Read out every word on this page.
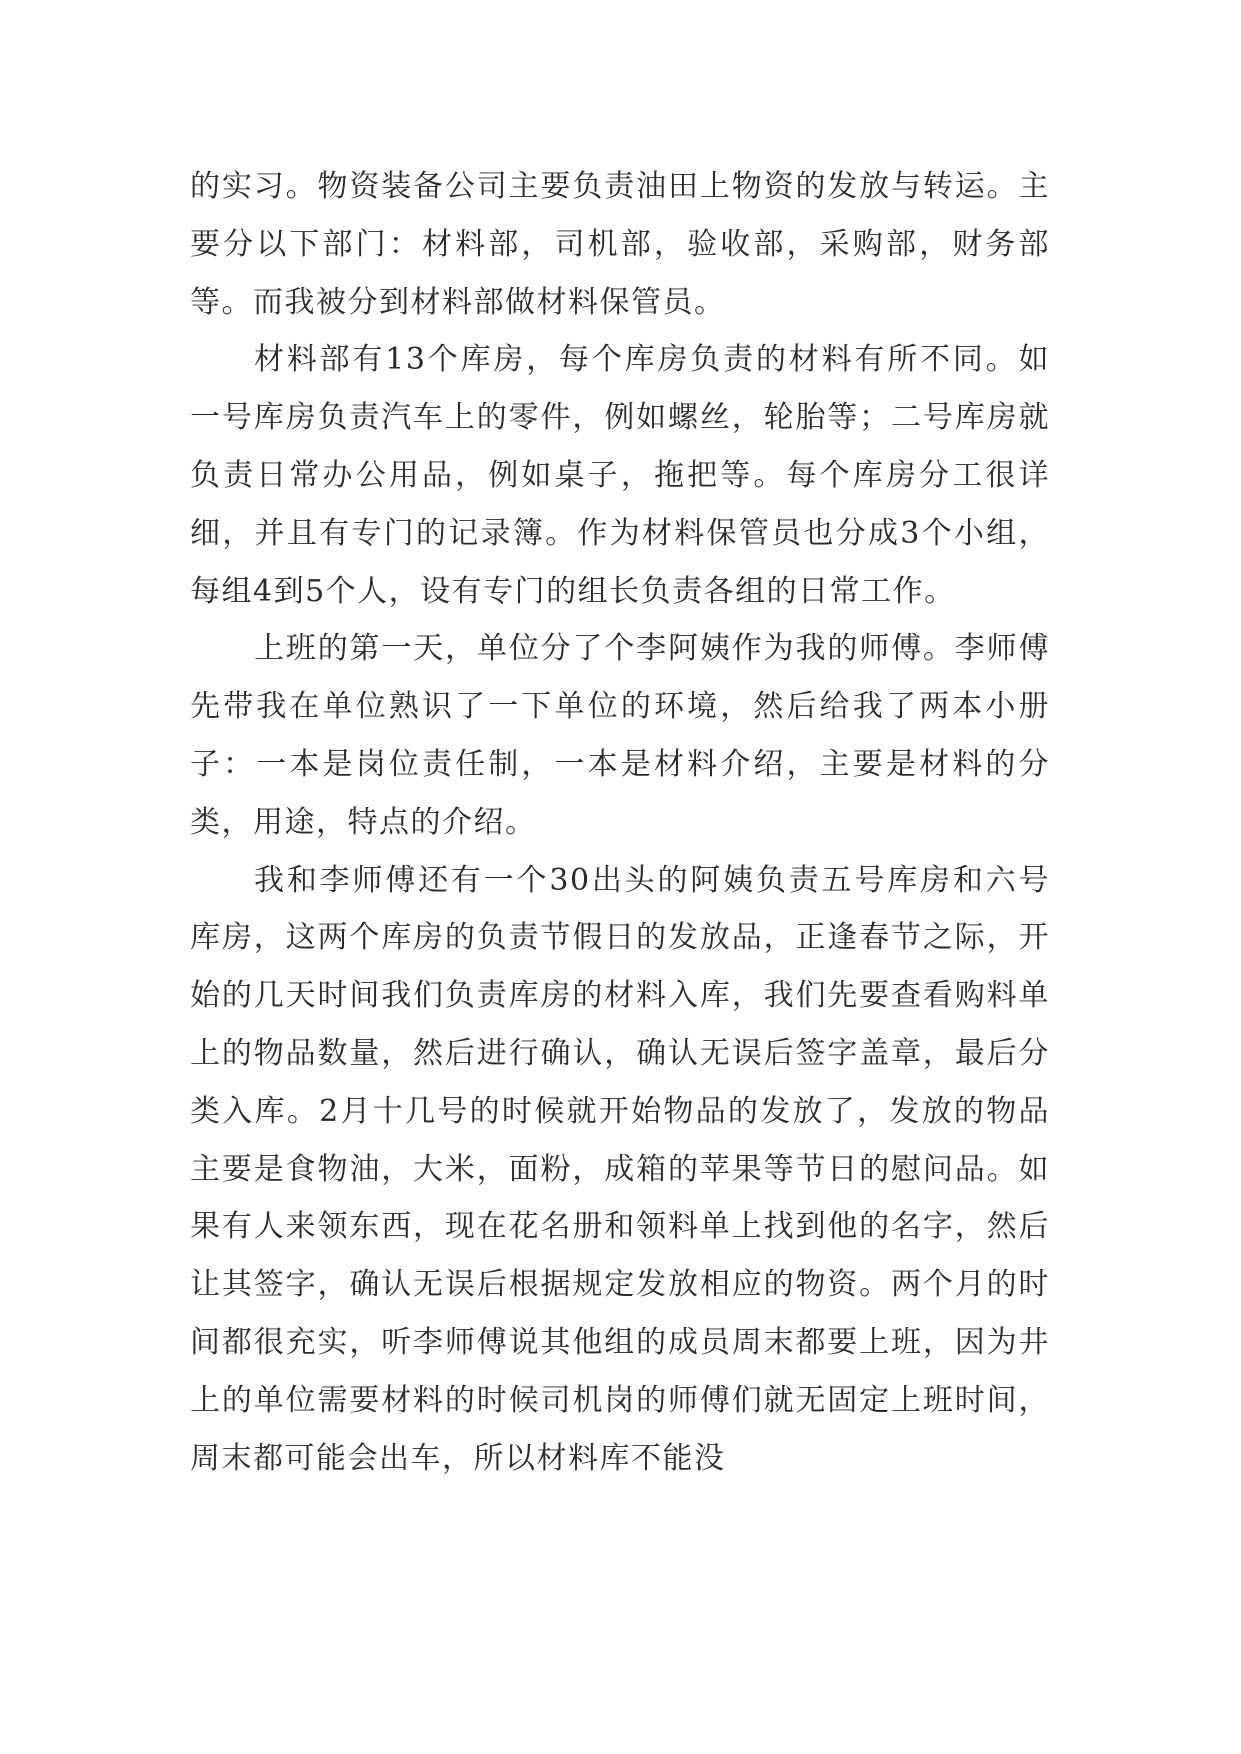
的实习。物资装备公司主要负责油田上物资的发放与转运。主要分以下部门：材料部，司机部，验收部，采购部，财务部等。而我被分到材料部做材料保管员。

材料部有13个库房，每个库房负责的材料有所不同。如一号库房负责汽车上的零件，例如螺丝，轮胎等；二号库房就负责日常办公用品，例如桌子，拖把等。每个库房分工很详细，并且有专门的记录簿。作为材料保管员也分成3个小组，每组4到5个人，设有专门的组长负责各组的日常工作。

上班的第一天，单位分了个李阿姨作为我的师傅。李师傅先带我在单位熟识了一下单位的环境，然后给我了两本小册子：一本是岗位责任制，一本是材料介绍，主要是材料的分类，用途，特点的介绍。

我和李师傅还有一个30出头的阿姨负责五号库房和六号库房，这两个库房的负责节假日的发放品，正逢春节之际，开始的几天时间我们负责库房的材料入库，我们先要查看购料单上的物品数量，然后进行确认，确认无误后签字盖章，最后分类入库。2月十几号的时候就开始物品的发放了，发放的物品主要是食物油，大米，面粉，成箱的苹果等节日的慰问品。如果有人来领东西，现在花名册和领料单上找到他的名字，然后让其签字，确认无误后根据规定发放相应的物资。两个月的时间都很充实，听李师傅说其他组的成员周末都要上班，因为井上的单位需要材料的时候司机岗的师傅们就无固定上班时间，周末都可能会出车，所以材料库不能没
